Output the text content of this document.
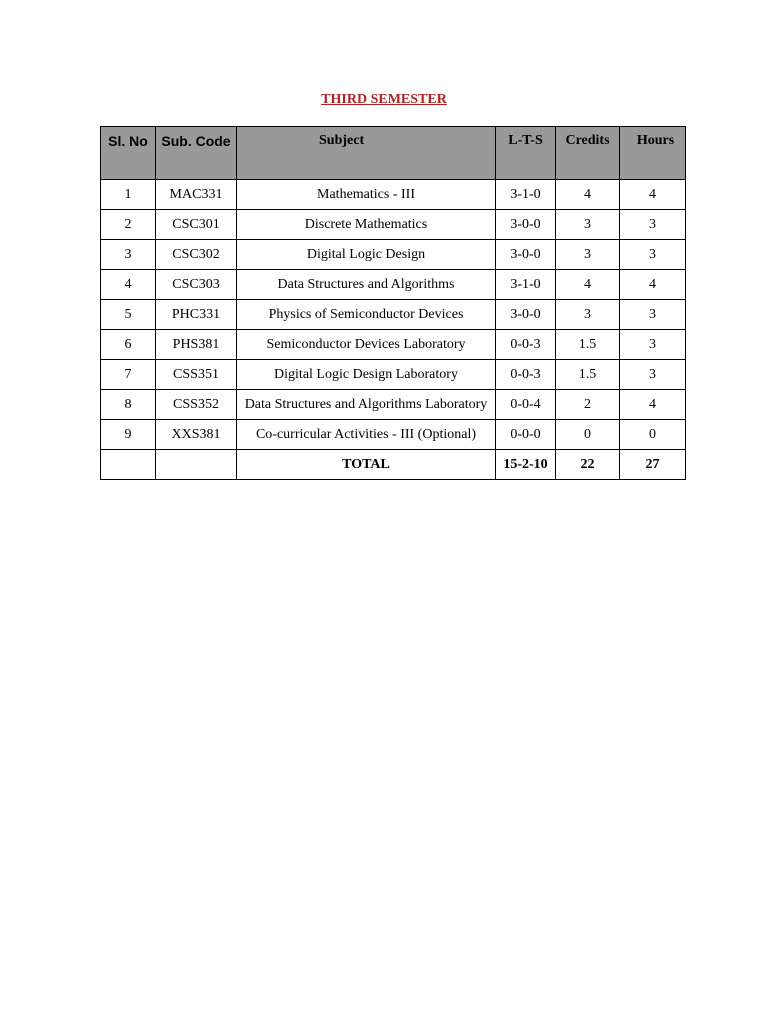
THIRD SEMESTER
Sl. No	Sub. Code	Subject	L-T-S	Credits	Hours
1	MAC331	Mathematics - III	3-1-0	4	4
2	CSC301	Discrete Mathematics	3-0-0	3	3
3	CSC302	Digital Logic Design	3-0-0	3	3
4	CSC303	Data Structures and Algorithms	3-1-0	4	4
5	PHC331	Physics of Semiconductor Devices	3-0-0	3	3
6	PHS381	Semiconductor Devices Laboratory	0-0-3	1.5	3
7	CSS351	Digital Logic Design Laboratory	0-0-3	1.5	3
8	CSS352	Data Structures and Algorithms Laboratory	0-0-4	2	4
9	XXS381	Co-curricular Activities - III (Optional)	0-0-0	0	0
		TOTAL	15-2-10	22	27
